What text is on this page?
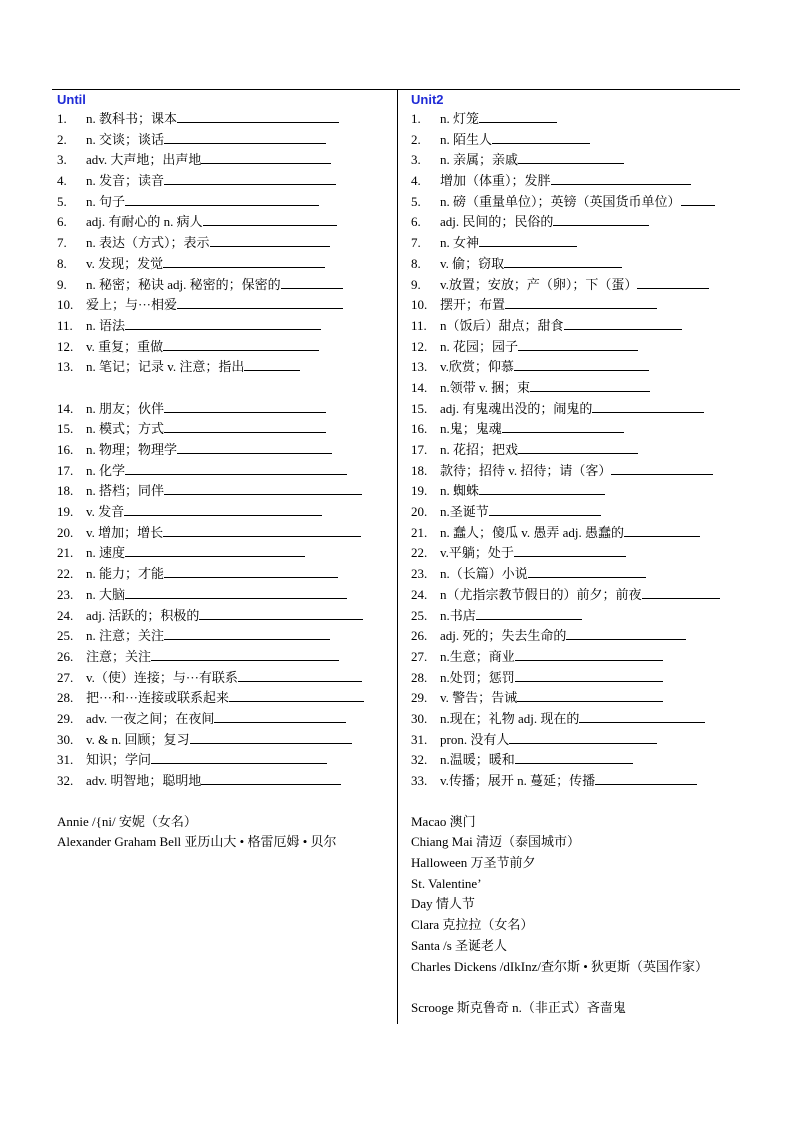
Until
1.	n. 教科书；课本
2.	n. 交谈；谈话
3.	adv. 大声地；出声地
4.	n. 发音；读音
5.	n. 句子
6.	adj. 有耐心的 n. 病人
7.	n. 表达（方式）；表示
8.	v. 发现；发觉
9.	n. 秘密；秘诀 adj. 秘密的；保密的
10. 爱上；与···相爱
11.	n. 语法
12. v. 重复；重做
13. n. 笔记；记录 v. 注意；指出
14. n. 朋友；伙伴
15. n. 模式；方式
16. n. 物理；物理学
17. n. 化学
18. n. 搭档；同伴
19. v. 发音
20. v. 增加；增长
21. n. 速度
22. n. 能力；才能
23. n. 大脑
24. adj. 活跃的；积极的
25. n. 注意；关注
26. 注意；关注
27. v.（使）连接；与···有联系
28. 把···和···连接或联系起来
29. adv. 一夜之间；在夜间
30. v. & n. 回顾；复习
31. 知识；学问
32. adv. 明智地；聪明地
Annie /{ni/ 安妮（女名）
Alexander Graham Bell 亚历山大 • 格雷厄姆 • 贝尔
Unit2
1.	n. 灯笼
2.	n. 陌生人
3.	n. 亲属；亲戚
4.	增加（体重）；发胖
5.	n. 磅（重量单位）；英镑（英国货币单位）
6.	adj. 民间的；民俗的
7.	n. 女神
8.	v. 偷；窃取
9.	v.放置；安放；产（卵）；下（蛋）
10. 摆开；布置
11.	n（饭后）甜点；甜食
12. n. 花园；园子
13. v.欣赏；仰慕
14. n.领带 v. 捆；束
15. adj. 有鬼魂出没的；闹鬼的
16. n.鬼；鬼魂
17. n. 花招；把戏
18. 款待；招待 v. 招待；请（客）
19. n. 蜘蛛
20. n.圣诞节
21. n. 蠢人；傻瓜 v. 愚弄 adj. 愚蠢的
22. v.平躺；处于
23. n.（长篇）小说
24. n（尤指宗教节假日的）前夕；前夜
25. n.书店
26. adj. 死的；失去生命的
27. n.生意；商业
28. n.处罚；惩罚
29. v. 警告；告诫
30. n.现在；礼物 adj. 现在的
31. pron. 没有人
32. n.温暖；暖和
33. v.传播；展开 n. 蔓延；传播
Macao 澳门
Chiang Mai 清迈（泰国城市）
Halloween 万圣节前夕
St. Valentine’
Day 情人节
Clara 克拉拉（女名）
Santa /s 圣诞老人
Charles Dickens /dIkInz/查尔斯 • 狄更斯（英国作家）
Scrooge 斯克鲁奇 n.（非正式）吝啬鬼
